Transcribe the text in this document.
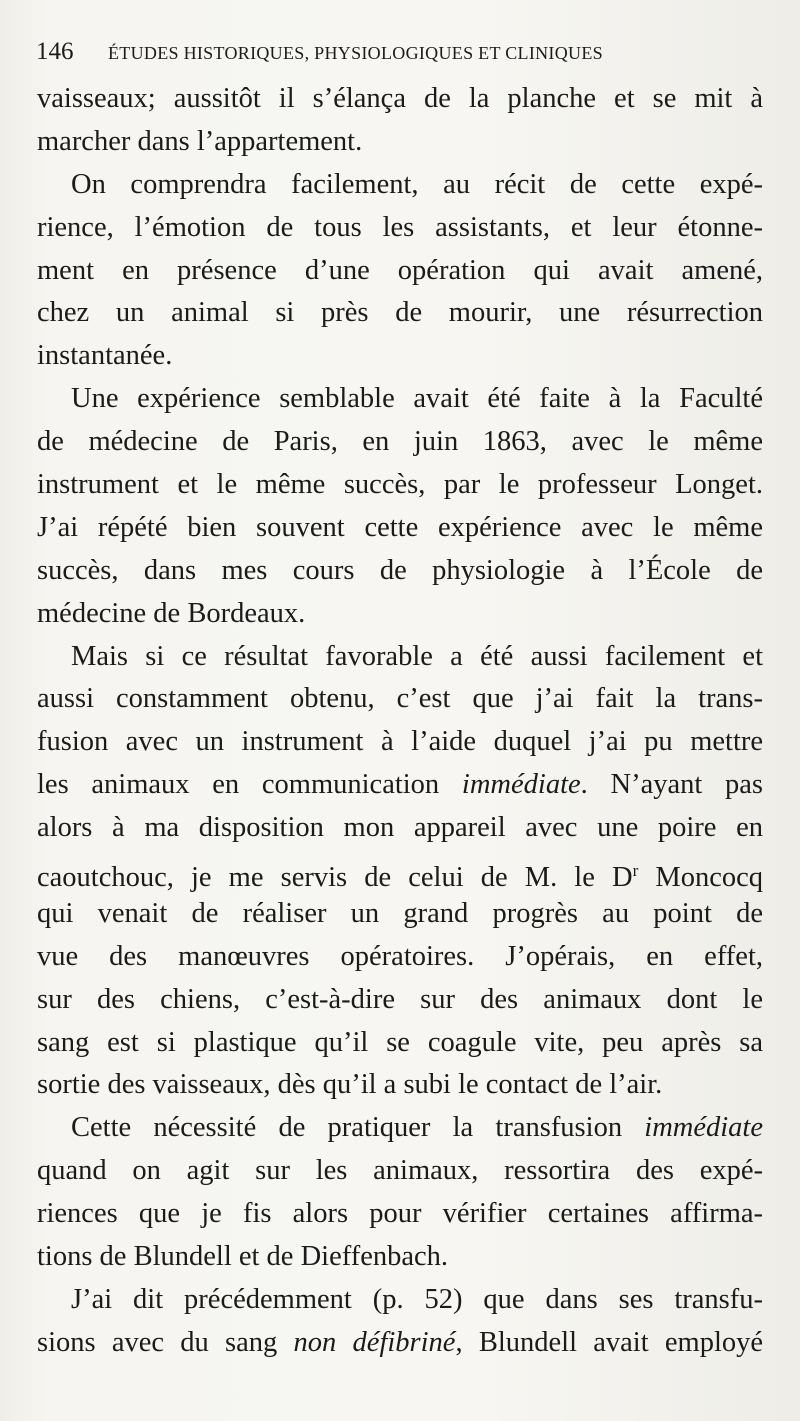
146	ÉTUDES HISTORIQUES, PHYSIOLOGIQUES ET CLINIQUES
vaisseaux; aussitôt il s’élança de la planche et se mit à
marcher dans l’appartement.
On comprendra facilement, au récit de cette expé-
rience, l’émotion de tous les assistants, et leur étonne-
ment en présence d’une opération qui avait amené,
chez un animal si près de mourir, une résurrection
instantanée.
Une expérience semblable avait été faite à la Faculté
de médecine de Paris, en juin 1863, avec le même
instrument et le même succès, par le professeur Longet.
J’ai répété bien souvent cette expérience avec le même
succès, dans mes cours de physiologie à l’École de
médecine de Bordeaux.
Mais si ce résultat favorable a été aussi facilement et
aussi constamment obtenu, c’est que j’ai fait la trans-
fusion avec un instrument à l’aide duquel j’ai pu mettre
les animaux en communication immédiate. N’ayant pas
alors à ma disposition mon appareil avec une poire en
caoutchouc, je me servis de celui de M. le $D^r$ Moncocq
qui venait de réaliser un grand progrès au point de
vue des manœuvres opératoires. J’opérais, en effet,
sur des chiens, c’est-à-dire sur des animaux dont le
sang est si plastique qu’il se coagule vite, peu après sa
sortie des vaisseaux, dès qu’il a subi le contact de l’air.
Cette nécessité de pratiquer la transfusion immédiate
quand on agit sur les animaux, ressortira des expé-
riences que je fis alors pour vérifier certaines affirma-
tions de Blundell et de Dieffenbach.
J’ai dit précédemment (p. 52) que dans ses transfu-
sions avec du sang non défibriné, Blundell avait employé
